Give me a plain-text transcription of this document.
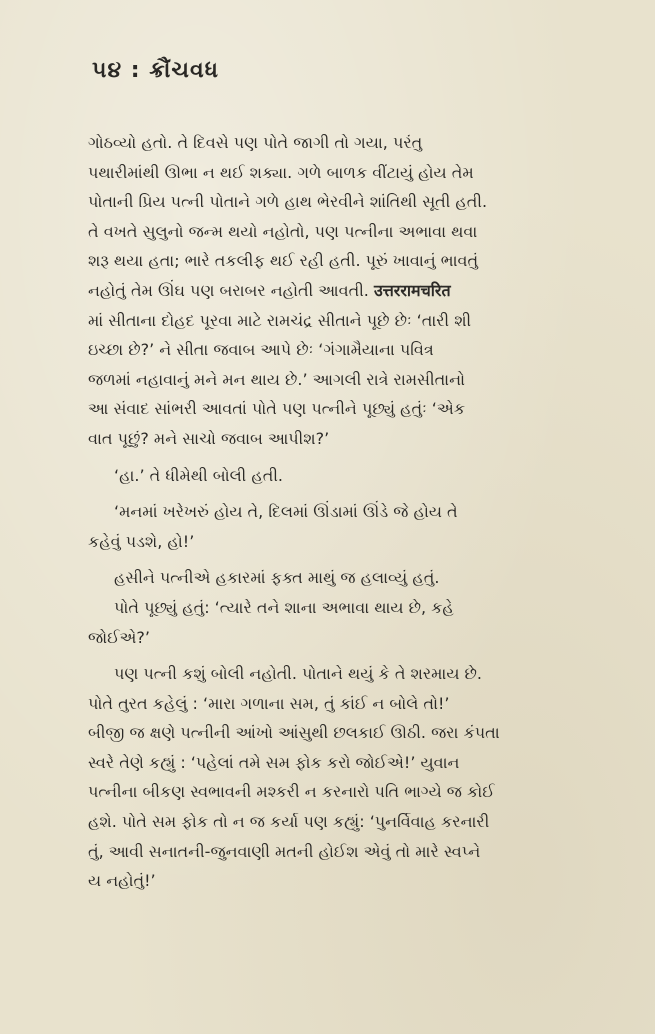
૫૪ : ક્રૌંચવધ
ગોઠવ્યો હતો. તે દિવસે પણ પોતે જાગી તો ગયા, પરંતુ
પથારીમાંથી ઊભા ન થઈ શક્યા. ગળે બાળક વીંટાયું હોય તેમ
પોતાની પ્રિય પત્ની પોતાને ગળે હાથ ભેરવીને શાંતિથી સૂતી હતી.
તે વખતે સુલુનો જન્મ થયો નહોતો, પણ પત્નીના અભાવા થવા
શરૂ થયા હતા; ભારે તકલીફ થઈ રહી હતી. પૂરું ખાવાનું ભાવતું
નહોતું તેમ ઊંઘ પણ બરાબર નહોતી આવતી. उत्तररामचरित
માં સીતાના દોહદ પૂરવા માટે રામચંદ્ર સીતાને પૂછે છેઃ ‘તારી શી
ઇચ્છા છે?’ ને સીતા જવાબ આપે છેઃ ‘ગંગામૈયાના પવિત્ર
જળમાં નહાવાનું મને મન થાય છે.’ આગલી રાત્રે રામસીતાનો
આ સંવાદ સાંભરી આવતાં પોતે પણ પત્નીને પૂછ્યું હતુંઃ ‘એક
વાત પૂછું? મને સાચો જવાબ આપીશ?’
‘હા.’ તે ધીમેથી બોલી હતી.
‘મનમાં ખરેખરું હોય તે, દિલમાં ઊંડામાં ઊંડે જે હોય તે
કહેવું પડશે, હો!’
હસીને પત્નીએ હકારમાં ફક્ત માથું જ હલાવ્યું હતું.
પોતે પૂછ્યું હતું: ‘ત્યારે તને શાના અભાવા થાય છે, કહે
જોઈએ?’
પણ પત્ની કશું બોલી નહોતી. પોતાને થયું કે તે શરમાય છે.
પોતે તુરત કહેલું : ‘મારા ગળાના સમ, તું કાંઈ ન બોલે તો!’
બીજી જ ક્ષણે પત્નીની આંખો આંસુથી છલકાઈ ઊઠી. જરા કંપતા
સ્વરે તેણે કહ્યું : ‘પહેલાં તમે સમ ફોક કરો જોઈએ!’ યુવાન
પત્નીના બીકણ સ્વભાવની મશ્કરી ન કરનારો પતિ ભાગ્યે જ કોઈ
હશે. પોતે સમ ફોક તો ન જ કર્યા પણ કહ્યું: ‘પુનર્વિવાહ કરનારી
તું, આવી સનાતની-જુનવાણી મતની હોઈશ એવું તો મારે સ્વપ્ને
ય નહોતું!’
